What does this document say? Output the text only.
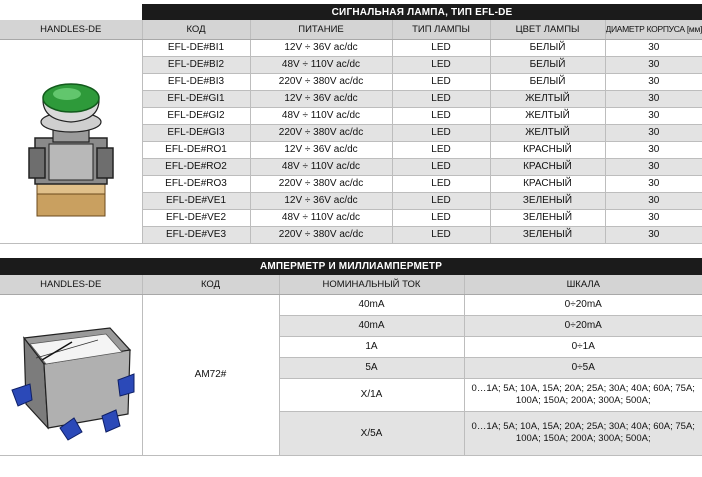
	СИГНАЛЬНАЯ ЛАМПА, ТИП EFL-DE				
HANDLES-DE	КОД	ПИТАНИЕ	ТИП ЛАМПЫ	ЦВЕТ ЛАМПЫ	ДИАМЕТР КОРПУСА [мм]

	EFL-DE#BI1	12V ÷ 36V ac/dc	LED	БЕЛЫЙ	30
	EFL-DE#BI2	48V ÷ 110V ac/dc	LED	БЕЛЫЙ	30
	EFL-DE#BI3	220V ÷ 380V ac/dc	LED	БЕЛЫЙ	30
	EFL-DE#GI1	12V ÷ 36V ac/dc	LED	ЖЕЛТЫЙ	30
	EFL-DE#GI2	48V ÷ 110V ac/dc	LED	ЖЕЛТЫЙ	30
	EFL-DE#GI3	220V ÷ 380V ac/dc	LED	ЖЕЛТЫЙ	30
	EFL-DE#RO1	12V ÷ 36V ac/dc	LED	КРАСНЫЙ	30
	EFL-DE#RO2	48V ÷ 110V ac/dc	LED	КРАСНЫЙ	30
	EFL-DE#RO3	220V ÷ 380V ac/dc	LED	КРАСНЫЙ	30
	EFL-DE#VE1	12V ÷ 36V ac/dc	LED	ЗЕЛЕНЫЙ	30
	EFL-DE#VE2	48V ÷ 110V ac/dc	LED	ЗЕЛЕНЫЙ	30
	EFL-DE#VE3	220V ÷ 380V ac/dc	LED	ЗЕЛЕНЫЙ	30
АМПЕРМЕТР И МИЛЛИАМПЕРМЕТР			
HANDLES-DE	КОД	НОМИНАЛЬНЫЙ ТОК	ШКАЛА

	AM72#	40mA	0÷20mA
		40mA	0÷20mA
		1A	0÷1A
		5A	0÷5A
		X/1A	0…1A; 5A; 10A, 15A; 20A; 25A; 30A; 40A; 60A; 75A; 100A; 150A; 200A; 300A; 500A;
		X/5A	0…1A; 5A; 10A, 15A; 20A; 25A; 30A; 40A; 60A; 75A; 100A; 150A; 200A; 300A; 500A;
